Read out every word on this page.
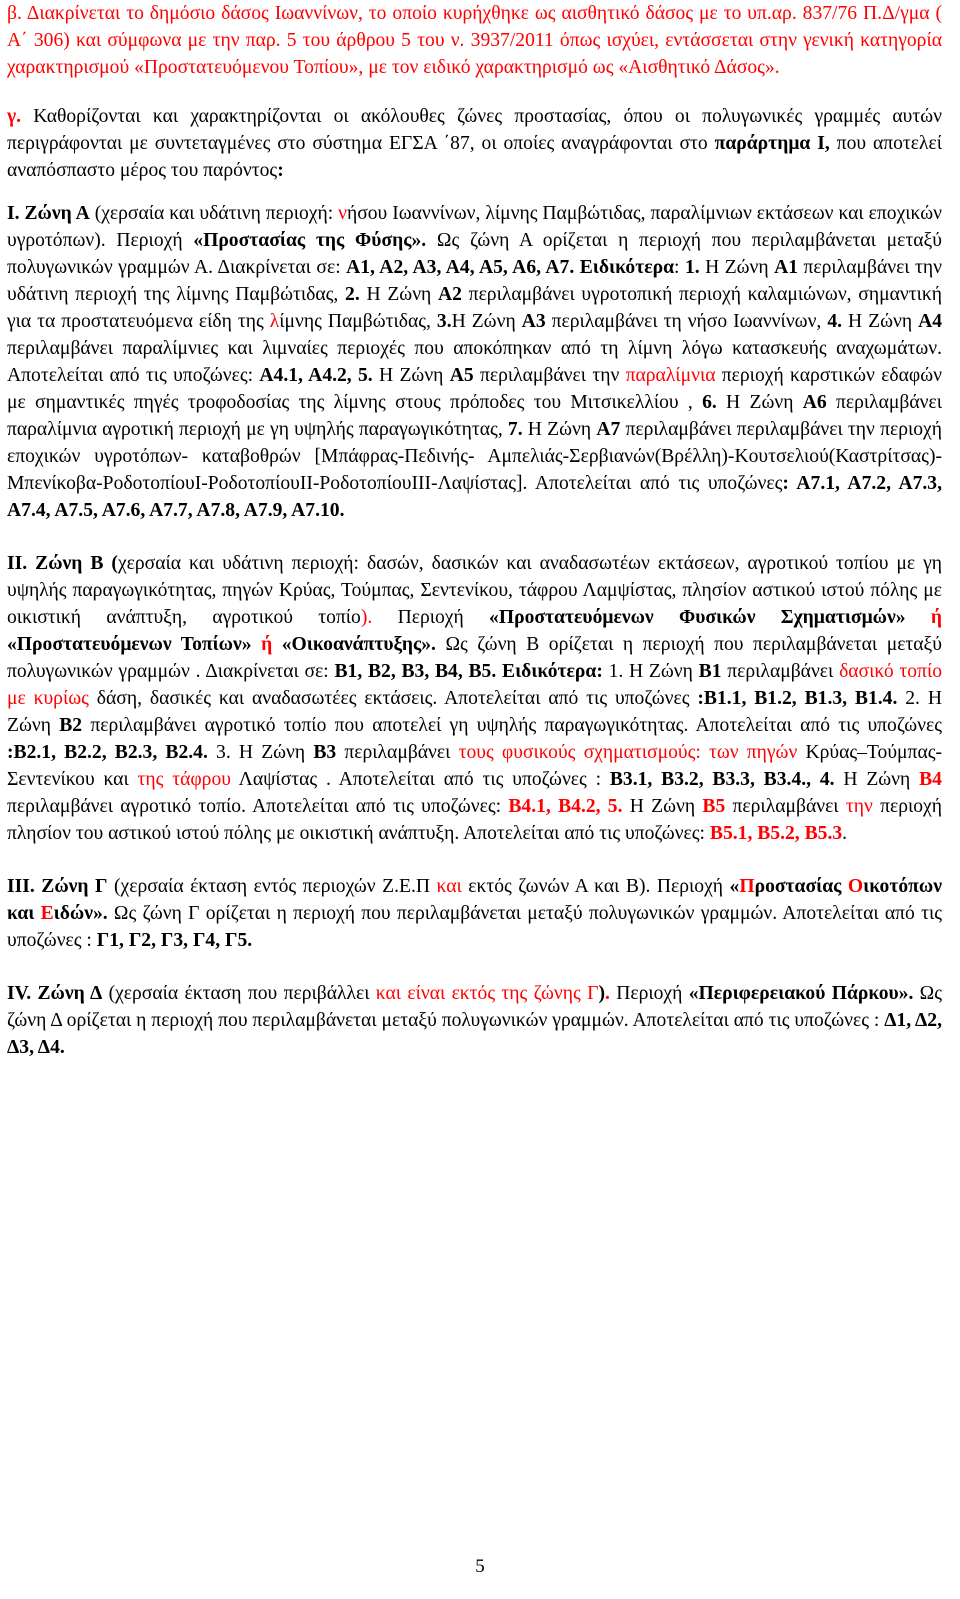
β. Διακρίνεται το δημόσιο δάσος Ιωαννίνων, το οποίο κυρήχθηκε ως αισθητικό δάσος με το υπ.αρ. 837/76 Π.Δ/γμα ( Α΄ 306) και σύμφωνα με την παρ. 5 του άρθρου 5 του ν. 3937/2011 όπως ισχύει, εντάσσεται στην γενική κατηγορία χαρακτηρισμού «Προστατευόμενου Τοπίου», με τον ειδικό χαρακτηρισμό ως «Αισθητικό Δάσος».

γ. Καθορίζονται και χαρακτηρίζονται οι ακόλουθες ζώνες προστασίας, όπου οι πολυγωνικές γραμμές αυτών περιγράφονται με συντεταγμένες στο σύστημα ΕΓΣΑ ΄87, οι οποίες αναγράφονται στο παράρτημα Ι, που αποτελεί αναπόσπαστο μέρος του παρόντος:

Ι. Ζώνη Α (χερσαία και υδάτινη περιοχή: νήσου Ιωαννίνων, λίμνης Παμβώτιδας, παραλίμνιων εκτάσεων και εποχικών υγροτόπων). Περιοχή «Προστασίας της Φύσης». Ως ζώνη Α ορίζεται η περιοχή που περιλαμβάνεται μεταξύ πολυγωνικών γραμμών Α. Διακρίνεται σε: Α1, Α2, Α3, Α4, Α5, Α6, Α7. Ειδικότερα: 1. Η Ζώνη Α1 περιλαμβάνει την υδάτινη περιοχή της λίμνης Παμβώτιδας, 2. Η Ζώνη Α2 περιλαμβάνει υγροτοπική περιοχή καλαμιώνων, σημαντική για τα προστατευόμενα είδη της λίμνης Παμβώτιδας, 3.Η Ζώνη Α3 περιλαμβάνει τη νήσο Ιωαννίνων, 4. Η Ζώνη Α4 περιλαμβάνει παραλίμνιες και λιμναίες περιοχές που αποκόπηκαν από τη λίμνη λόγω κατασκευής αναχωμάτων. Αποτελείται από τις υποζώνες: Α4.1, Α4.2, 5. Η Ζώνη Α5 περιλαμβάνει την παραλίμνια περιοχή καρστικών εδαφών με σημαντικές πηγές τροφοδοσίας της λίμνης στους πρόποδες του Μιτσικελλίου , 6. Η Ζώνη Α6 περιλαμβάνει παραλίμνια αγροτική περιοχή με γη υψηλής παραγωγικότητας, 7. Η Ζώνη Α7 περιλαμβάνει περιλαμβάνει την περιοχή εποχικών υγροτόπων- καταβοθρών [Μπάφρας-Πεδινής- Αμπελιάς-Σερβιανών(Βρέλλη)-Κουτσελιού(Καστρίτσας)-Μπενίκοβα-ΡοδοτοπίουΙ-ΡοδοτοπίουΙΙ-ΡοδοτοπίουΙΙΙ-Λαψίστας]. Αποτελείται από τις υποζώνες: Α7.1, Α7.2, Α7.3, Α7.4, Α7.5, Α7.6, Α7.7, Α7.8, Α7.9, Α7.10.

ΙΙ. Ζώνη Β (χερσαία και υδάτινη περιοχή: δασών, δασικών και αναδασωτέων εκτάσεων, αγροτικού τοπίου με γη υψηλής παραγωγικότητας, πηγών Κρύας, Τούμπας, Σεντενίκου, τάφρου Λαμψίστας, πλησίον αστικού ιστού πόλης με οικιστική ανάπτυξη, αγροτικού τοπίο). Περιοχή «Προστατευόμενων Φυσικών Σχηματισμών» ή «Προστατευόμενων Τοπίων» ή «Οικοανάπτυξης». Ως ζώνη Β ορίζεται η περιοχή που περιλαμβάνεται μεταξύ πολυγωνικών γραμμών . Διακρίνεται σε: Β1, Β2, Β3, Β4, Β5. Ειδικότερα: 1. Η Ζώνη Β1 περιλαμβάνει δασικό τοπίο με κυρίως δάση, δασικές και αναδασωτέες εκτάσεις. Αποτελείται από τις υποζώνες :Β1.1, Β1.2, Β1.3, Β1.4. 2. Η Ζώνη Β2 περιλαμβάνει αγροτικό τοπίο που αποτελεί γη υψηλής παραγωγικότητας. Αποτελείται από τις υποζώνες :Β2.1, Β2.2, Β2.3, Β2.4. 3. Η Ζώνη Β3 περιλαμβάνει τους φυσικούς σχηματισμούς: των πηγών Κρύας–Τούμπας-Σεντενίκου και της τάφρου Λαψίστας . Αποτελείται από τις υποζώνες : Β3.1, Β3.2, Β3.3, Β3.4., 4. Η Ζώνη Β4 περιλαμβάνει αγροτικό τοπίο. Αποτελείται από τις υποζώνες: Β4.1, Β4.2, 5. Η Ζώνη Β5 περιλαμβάνει την περιοχή πλησίον του αστικού ιστού πόλης με οικιστική ανάπτυξη. Αποτελείται από τις υποζώνες: Β5.1, Β5.2, Β5.3.

ΙΙΙ. Ζώνη Γ (χερσαία έκταση εντός περιοχών Ζ.Ε.Π και εκτός ζωνών Α και Β). Περιοχή «Προστασίας Οικοτόπων και Ειδών». Ως ζώνη Γ ορίζεται η περιοχή που περιλαμβάνεται μεταξύ πολυγωνικών γραμμών. Αποτελείται από τις υποζώνες : Γ1, Γ2, Γ3, Γ4, Γ5.

ΙV. Ζώνη Δ (χερσαία έκταση που περιβάλλει και είναι εκτός της ζώνης Γ). Περιοχή «Περιφερειακού Πάρκου». Ως ζώνη Δ ορίζεται η περιοχή που περιλαμβάνεται μεταξύ πολυγωνικών γραμμών. Αποτελείται από τις υποζώνες : Δ1, Δ2, Δ3, Δ4.

5
